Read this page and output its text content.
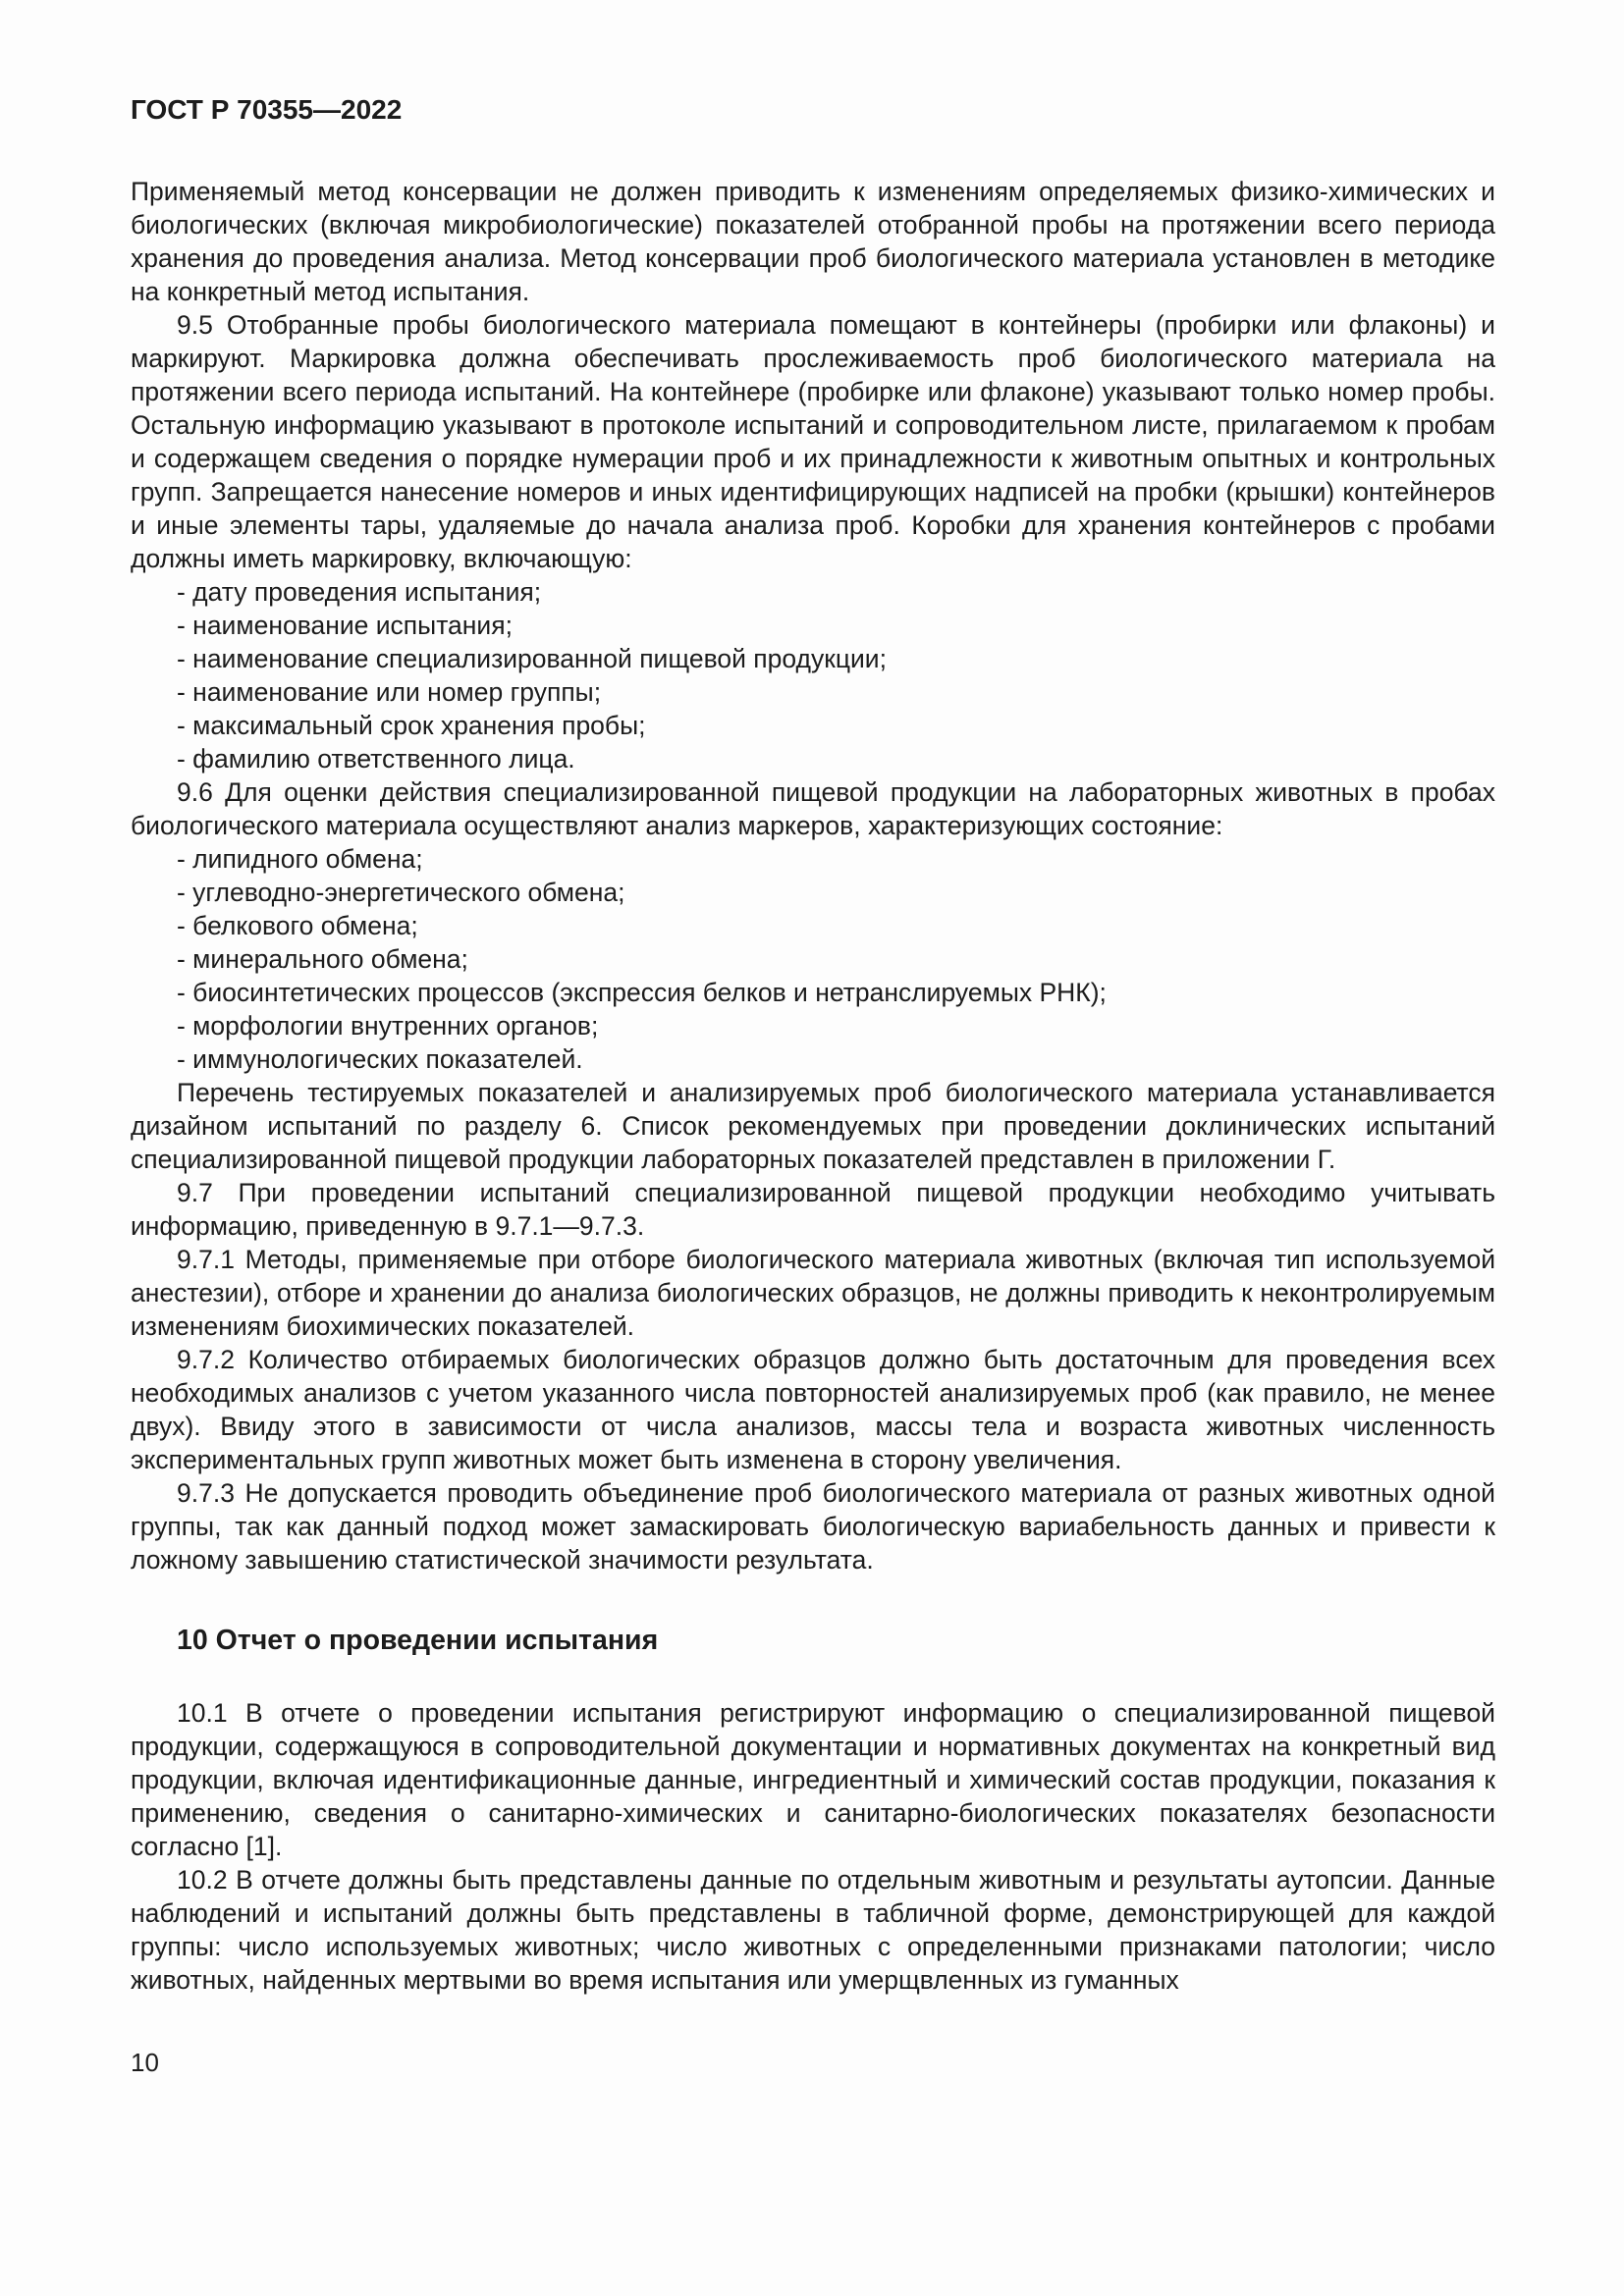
ГОСТ Р 70355—2022

Применяемый метод консервации не должен приводить к изменениям определяемых физико-химических и биологических (включая микробиологические) показателей отобранной пробы на протяжении всего периода хранения до проведения анализа. Метод консервации проб биологического материала установлен в методике на конкретный метод испытания.

9.5 Отобранные пробы биологического материала помещают в контейнеры (пробирки или флаконы) и маркируют. Маркировка должна обеспечивать прослеживаемость проб биологического материала на протяжении всего периода испытаний. На контейнере (пробирке или флаконе) указывают только номер пробы. Остальную информацию указывают в протоколе испытаний и сопроводительном листе, прилагаемом к пробам и содержащем сведения о порядке нумерации проб и их принадлежности к животным опытных и контрольных групп. Запрещается нанесение номеров и иных идентифицирующих надписей на пробки (крышки) контейнеров и иные элементы тары, удаляемые до начала анализа проб. Коробки для хранения контейнеров с пробами должны иметь маркировку, включающую:

- дату проведения испытания;

- наименование испытания;

- наименование специализированной пищевой продукции;

- наименование или номер группы;

- максимальный срок хранения пробы;

- фамилию ответственного лица.

9.6 Для оценки действия специализированной пищевой продукции на лабораторных животных в пробах биологического материала осуществляют анализ маркеров, характеризующих состояние:

- липидного обмена;

- углеводно-энергетического обмена;

- белкового обмена;

- минерального обмена;

- биосинтетических процессов (экспрессия белков и нетранслируемых РНК);

- морфологии внутренних органов;

- иммунологических показателей.

Перечень тестируемых показателей и анализируемых проб биологического материала устанавливается дизайном испытаний по разделу 6. Список рекомендуемых при проведении доклинических испытаний специализированной пищевой продукции лабораторных показателей представлен в приложении Г.

9.7 При проведении испытаний специализированной пищевой продукции необходимо учитывать информацию, приведенную в 9.7.1—9.7.3.

9.7.1 Методы, применяемые при отборе биологического материала животных (включая тип используемой анестезии), отборе и хранении до анализа биологических образцов, не должны приводить к неконтролируемым изменениям биохимических показателей.

9.7.2 Количество отбираемых биологических образцов должно быть достаточным для проведения всех необходимых анализов с учетом указанного числа повторностей анализируемых проб (как правило, не менее двух). Ввиду этого в зависимости от числа анализов, массы тела и возраста животных численность экспериментальных групп животных может быть изменена в сторону увеличения.

9.7.3 Не допускается проводить объединение проб биологического материала от разных животных одной группы, так как данный подход может замаскировать биологическую вариабельность данных и привести к ложному завышению статистической значимости результата.

10 Отчет о проведении испытания

10.1 В отчете о проведении испытания регистрируют информацию о специализированной пищевой продукции, содержащуюся в сопроводительной документации и нормативных документах на конкретный вид продукции, включая идентификационные данные, ингредиентный и химический состав продукции, показания к применению, сведения о санитарно-химических и санитарно-биологических показателях безопасности согласно [1].

10.2 В отчете должны быть представлены данные по отдельным животным и результаты аутопсии. Данные наблюдений и испытаний должны быть представлены в табличной форме, демонстрирующей для каждой группы: число используемых животных; число животных с определенными признаками патологии; число животных, найденных мертвыми во время испытания или умерщвленных из гуманных

10
